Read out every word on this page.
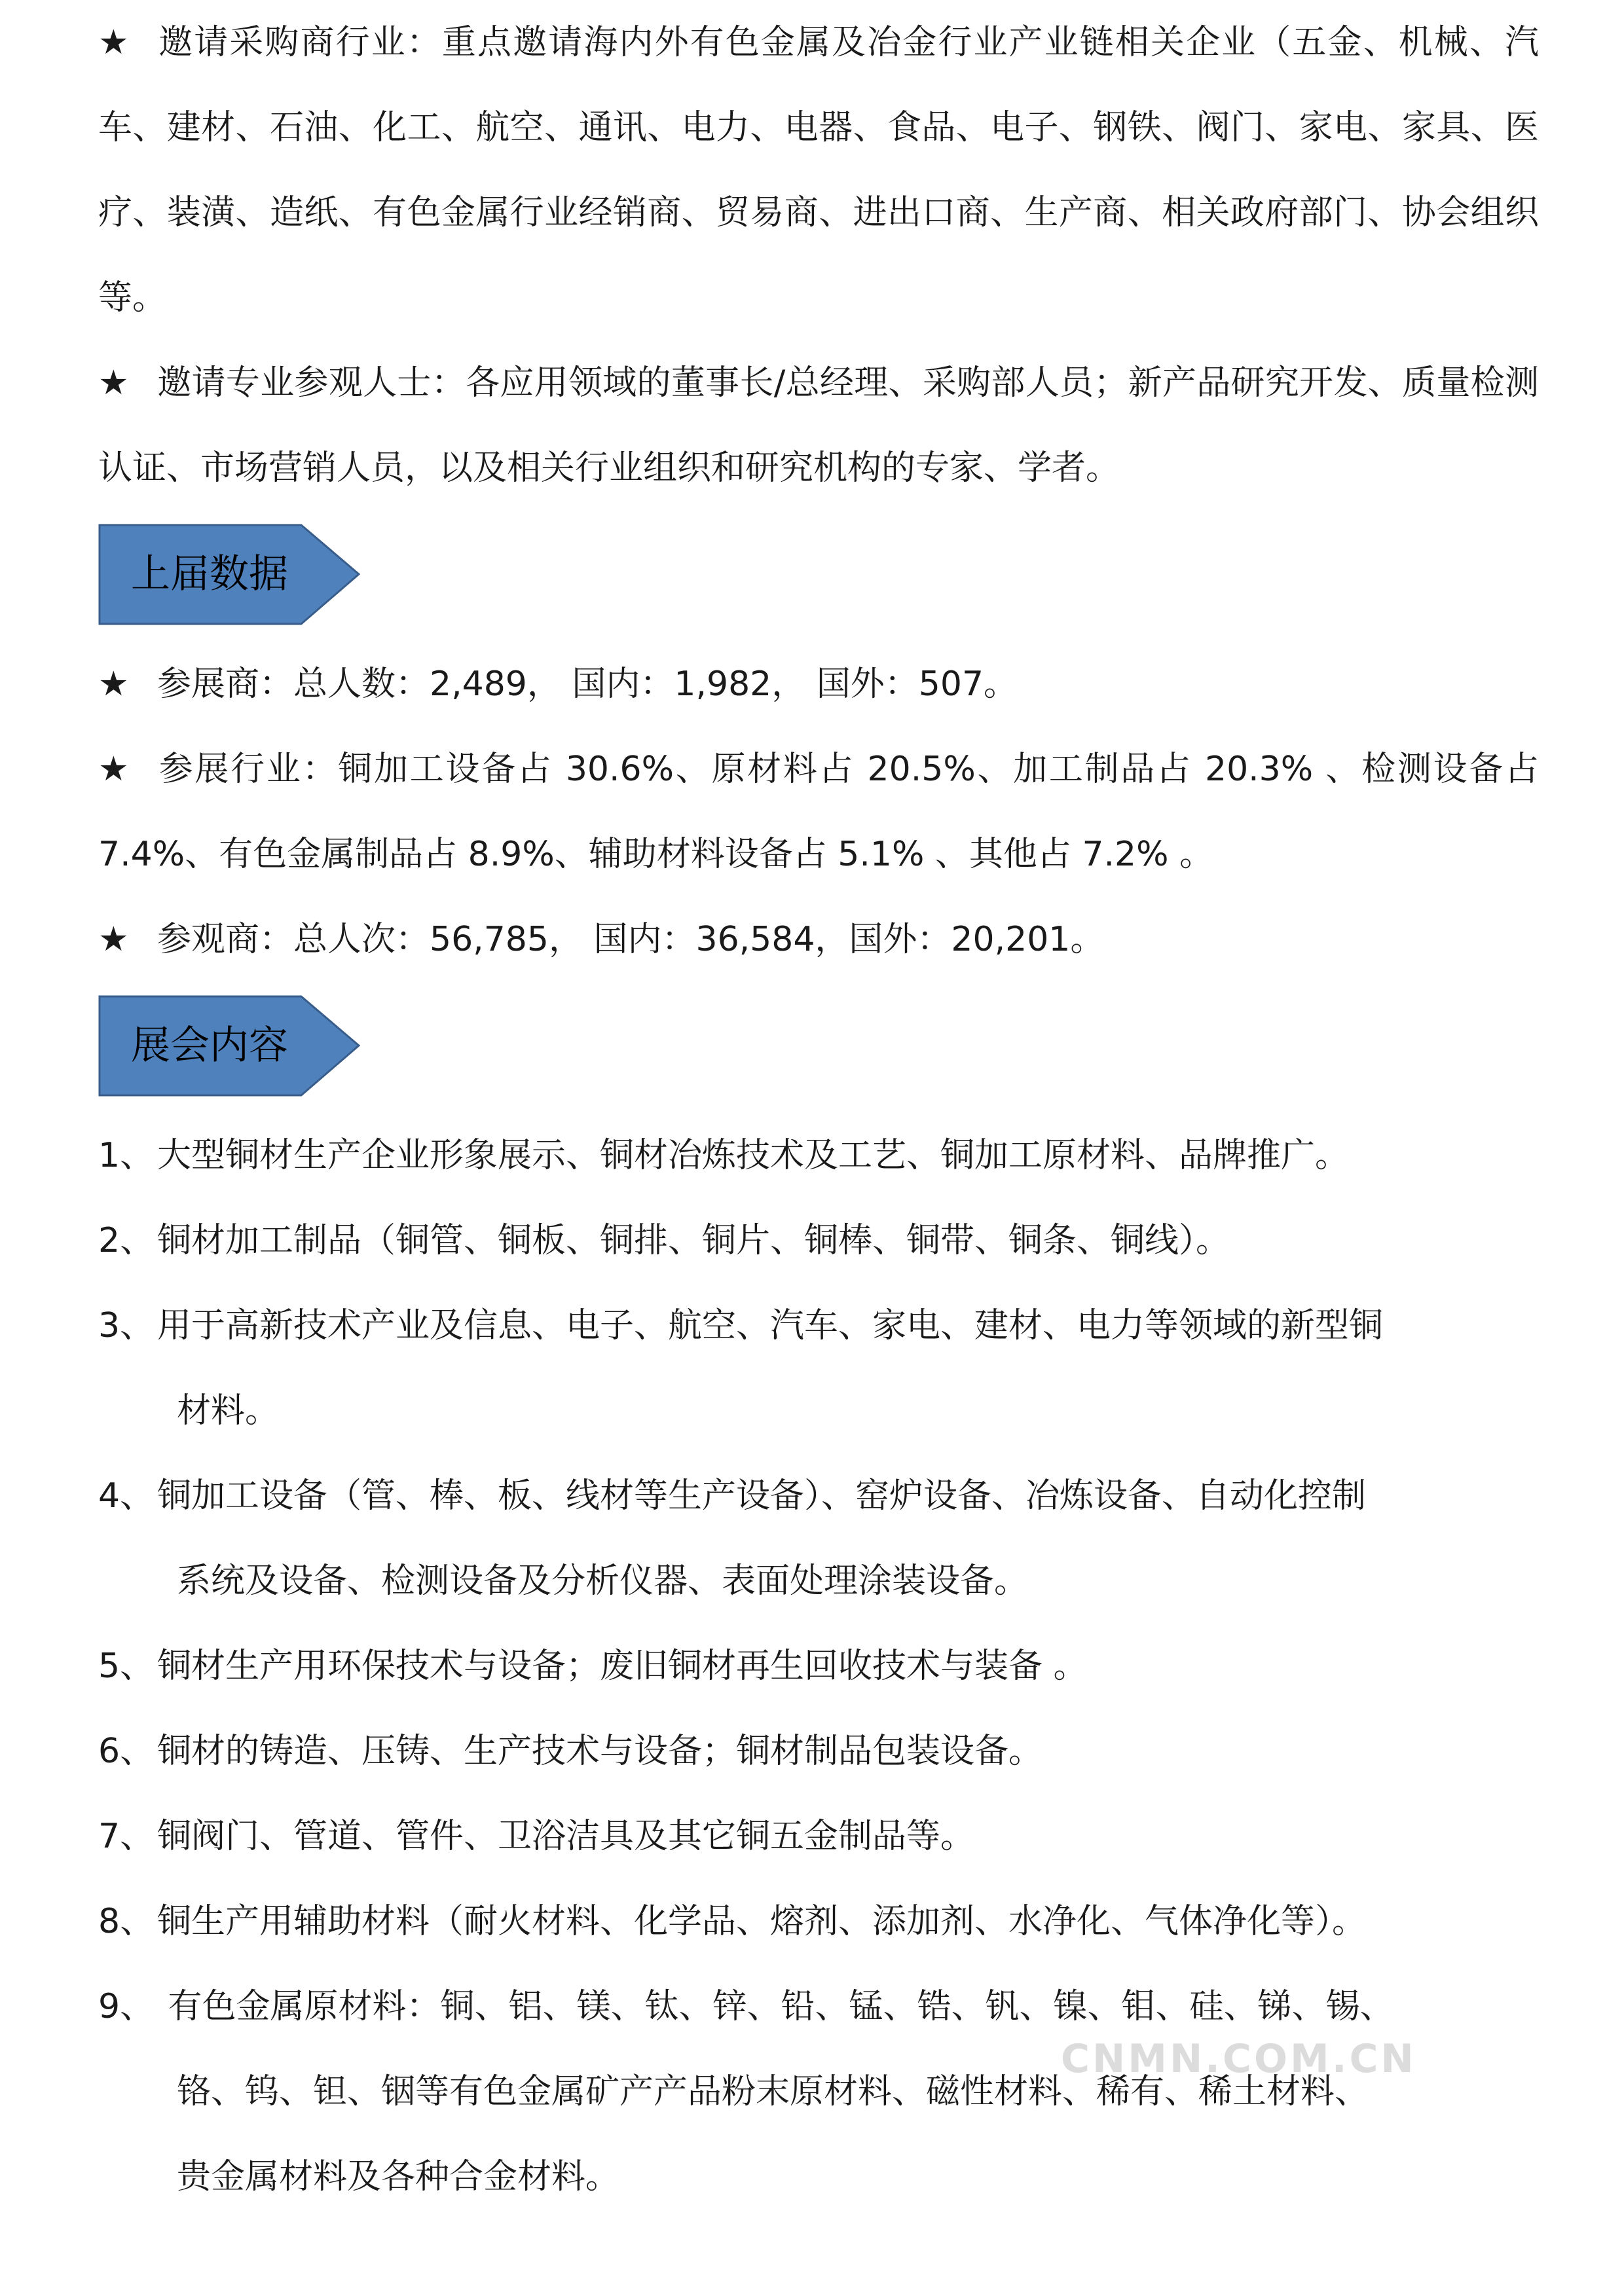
★ 邀请采购商行业：重点邀请海内外有色金属及冶金行业产业链相关企业（五金、机械、汽车、建材、石油、化工、航空、通讯、电力、电器、食品、电子、钢铁、阀门、家电、家具、医疗、装潢、造纸、有色金属行业经销商、贸易商、进出口商、生产商、相关政府部门、协会组织等。

★ 邀请专业参观人士：各应用领域的董事长/总经理、采购部人员；新产品研究开发、质量检测认证、市场营销人员，以及相关行业组织和研究机构的专家、学者。

上届数据

★ 参展商：总人数：2,489， 国内：1,982， 国外：507。

★ 参展行业：铜加工设备占 30.6%、原材料占 20.5%、加工制品占 20.3% 、检测设备占 7.4%、有色金属制品占 8.9%、辅助材料设备占 5.1% 、其他占 7.2% 。

★ 参观商：总人次：56,785， 国内：36,584，国外：20,201。

展会内容
1、大型铜材生产企业形象展示、铜材冶炼技术及工艺、铜加工原材料、品牌推广。
2、铜材加工制品（铜管、铜板、铜排、铜片、铜棒、铜带、铜条、铜线）。
3、用于高新技术产业及信息、电子、航空、汽车、家电、建材、电力等领域的新型铜
材料。
4、铜加工设备（管、棒、板、线材等生产设备）、窑炉设备、冶炼设备、自动化控制
系统及设备、检测设备及分析仪器、表面处理涂装设备。
5、铜材生产用环保技术与设备；废旧铜材再生回收技术与装备 。
6、铜材的铸造、压铸、生产技术与设备；铜材制品包装设备。
7、铜阀门、管道、管件、卫浴洁具及其它铜五金制品等。
8、铜生产用辅助材料（耐火材料、化学品、熔剂、添加剂、水净化、气体净化等）。
9、 有色金属原材料：铜、铝、镁、钛、锌、铅、锰、锆、钒、镍、钼、硅、锑、锡、
铬、钨、钽、铟等有色金属矿产产品粉末原材料、磁性材料、稀有、稀土材料、
贵金属材料及各种合金材料。
CNMN.COM.CN
